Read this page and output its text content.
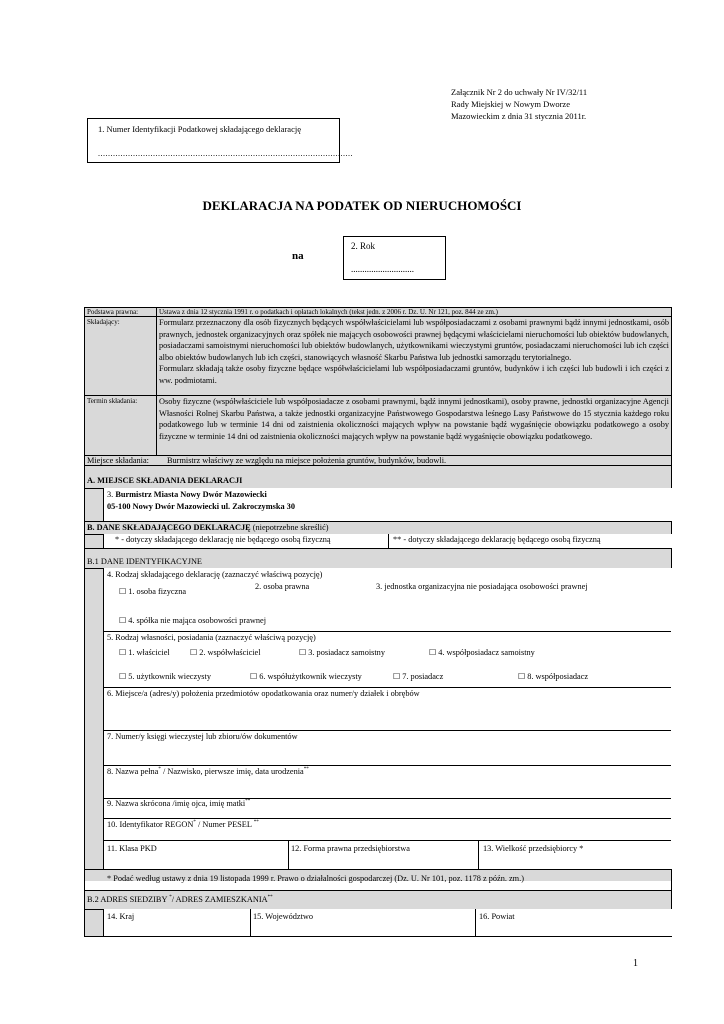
Załącznik Nr 2 do uchwały Nr IV/32/11
Rady Miejskiej w Nowym Dworze
Mazowieckim z dnia 31 stycznia 2011r.
1. Numer Identyfikacji Podatkowej składającego deklarację
......................................................................................................
DEKLARACJA NA PODATEK OD NIERUCHOMOŚCI
na
2. Rok
............................
Podstawa prawna:	Ustawa z dnia 12 stycznia 1991 r. o podatkach i opłatach lokalnych (tekst jedn. z 2006 r. Dz. U. Nr 121, poz. 844 ze zm.)
Składający:	Formularz przeznaczony dla osób fizycznych będących współwłaścicielami lub współposiadaczami z osobami prawnymi bądź innymi jednostkami, osób prawnych, jednostek organizacyjnych oraz spółek nie mających osobowości prawnej będącymi właścicielami nieruchomości lub obiektów budowlanych, posiadaczami samoistnymi nieruchomości lub obiektów budowlanych, użytkownikami wieczystymi gruntów, posiadaczami nieruchomości lub ich części albo obiektów budowlanych lub ich części, stanowiących własność Skarbu Państwa lub jednostki samorządu terytorialnego.
Formularz składają także osoby fizyczne będące współwłaścicielami lub współposiadaczami gruntów, budynków i ich części lub budowli i ich części z ww. podmiotami.
Termin składania:	Osoby fizyczne (współwłaściciele lub współposiadacze z osobami prawnymi, bądź innymi jednostkami), osoby prawne, jednostki organizacyjne Agencji Własności Rolnej Skarbu Państwa, a także jednostki organizacyjne Państwowego Gospodarstwa leśnego Lasy Państwowe do 15 stycznia każdego roku podatkowego lub w terminie 14 dni od zaistnienia okoliczności mających wpływ na powstanie bądź wygaśnięcie obowiązku podatkowego a osoby fizyczne w terminie 14 dni od zaistnienia okoliczności mających wpływ na powstanie bądź wygaśnięcie obowiązku podatkowego.
Miejsce składania: Burmistrz właściwy ze względu na miejsce położenia gruntów, budynków, budowli.
A. MIEJSCE SKŁADANIA DEKLARACJI
3. Burmistrz Miasta Nowy Dwór Mazowiecki
05-100 Nowy Dwór Mazowiecki ul. Zakroczymska 30
B. DANE SKŁADAJĄCEGO DEKLARACJĘ (niepotrzebne skreślić)
* - dotyczy składającego deklarację nie będącego osobą fizyczną	** - dotyczy składającego deklarację będącego osobą fizyczną
B.1 DANE IDENTYFIKACYJNE
4. Rodzaj składającego deklarację (zaznaczyć właściwą pozycję)
☐ 1. osoba fizyczna
2. osoba prawna	3. jednostka organizacyjna nie posiadająca osobowości prawnej
☐ 4. spółka nie mająca osobowości prawnej
5. Rodzaj własności, posiadania (zaznaczyć właściwą pozycję)
☐ 1. właściciel	☐ 2. współwłaściciel	☐ 3. posiadacz samoistny	☐ 4. współposiadacz samoistny
☐ 5. użytkownik wieczysty	☐ 6. współużytkownik wieczysty	☐ 7. posiadacz	☐ 8. współposiadacz
6. Miejsce/a (adres/y) położenia przedmiotów opodatkowania oraz numer/y działek i obrębów
7. Numer/y księgi wieczystej lub zbioru/ów dokumentów
8. Nazwa pełna* / Nazwisko, pierwsze imię, data urodzenia**
9. Nazwa skrócona /imię ojca, imię matki**
10. Identyfikator REGON* / Numer PESEL **
11. Klasa PKD	12. Forma prawna przedsiębiorstwa	13. Wielkość przedsiębiorcy *
* Podać według ustawy z dnia 19 listopada 1999 r. Prawo o działalności gospodarczej (Dz. U. Nr 101, poz. 1178 z późn. zm.)
B.2 ADRES SIEDZIBY */ ADRES ZAMIESZKANIA**
14. Kraj	15. Województwo	16. Powiat
1
